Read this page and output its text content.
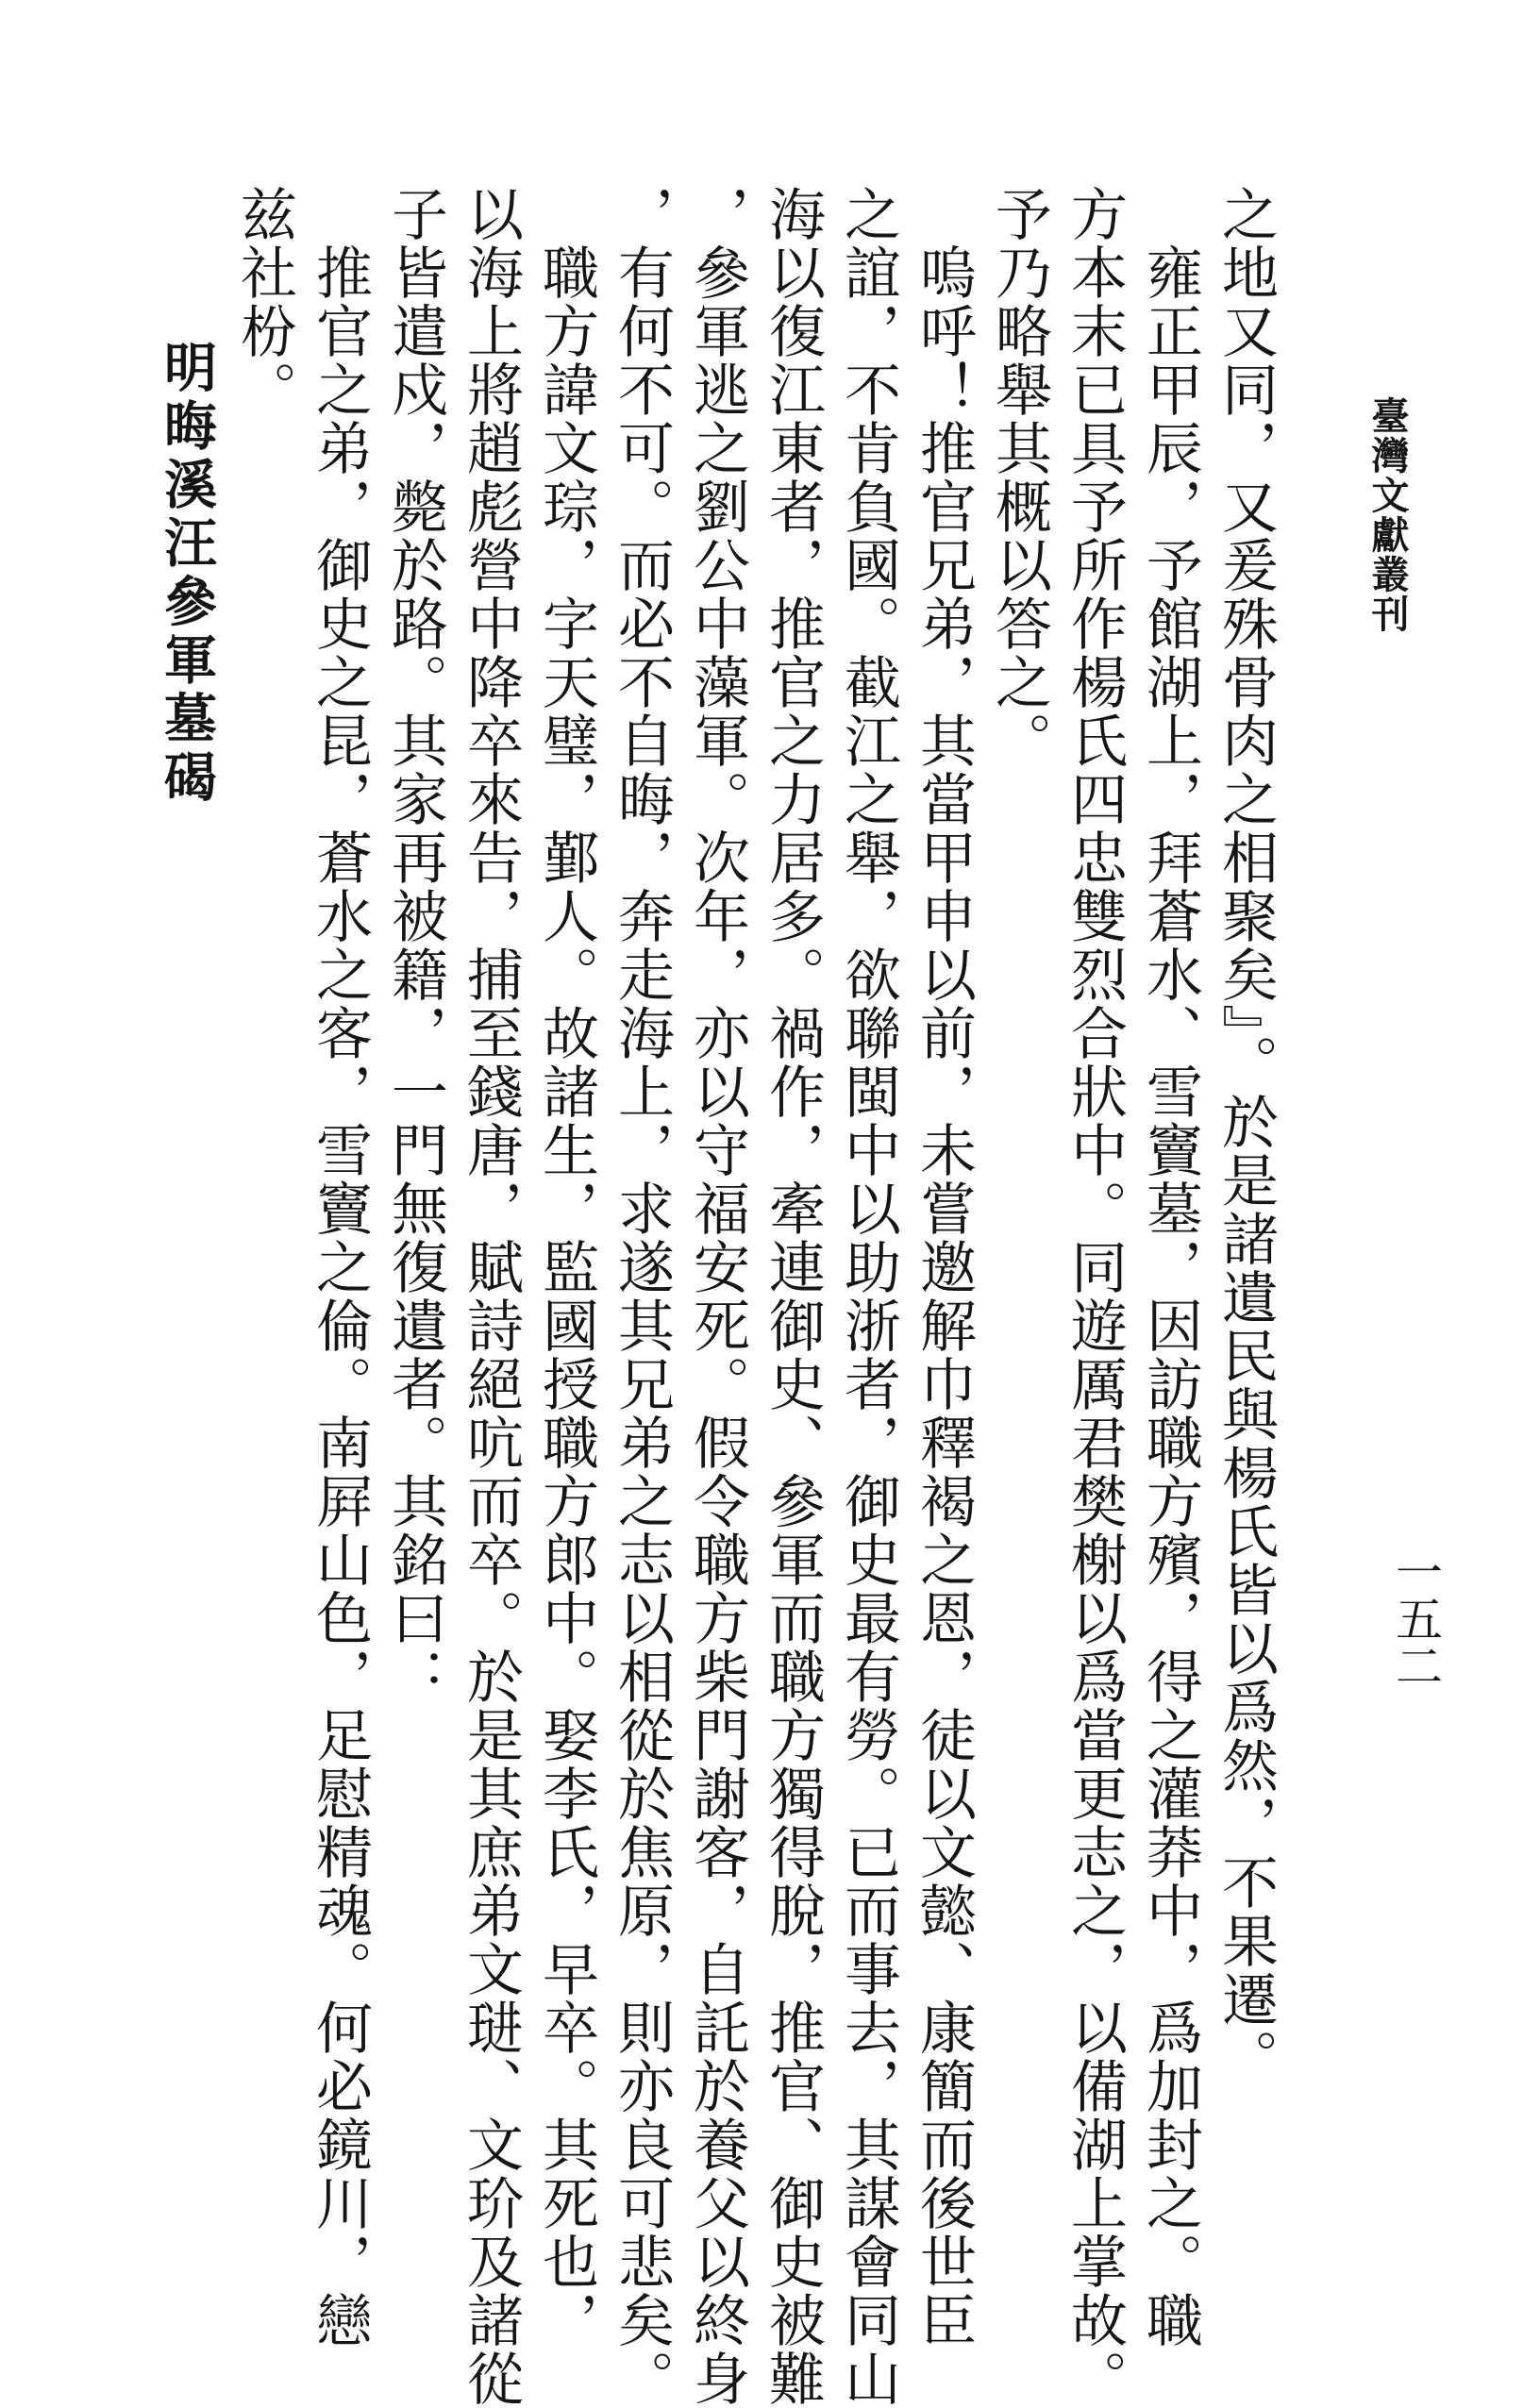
臺灣文獻叢刊
一五二
之地又同，又爰殊骨肉之相聚矣』。於是諸遺民與楊氏皆以爲然，不果遷。
　雍正甲辰，予館湖上，拜蒼水、雪竇墓，因訪職方殯，得之灌莽中，爲加封之。職
方本末已具予所作楊氏四忠雙烈合狀中。同遊厲君樊榭以爲當更志之，以備湖上掌故。
予乃略舉其概以答之。
　嗚呼！推官兄弟，其當甲申以前，未嘗邀解巾釋褐之恩，徒以文懿、康簡而後世臣
之誼，不肯負國。截江之舉，欲聯閩中以助浙者，御史最有勞。已而事去，其謀會同山
海以復江東者，推官之力居多。禍作，牽連御史、參軍而職方獨得脫，推官、御史被難
，參軍逃之劉公中藻軍。次年，亦以守福安死。假令職方柴門謝客，自託於養父以終身
，有何不可。而必不自晦，奔走海上，求遂其兄弟之志以相從於焦原，則亦良可悲矣。
　職方諱文琮，字天璧，鄞人。故諸生，監國授職方郎中。娶李氏，早卒。其死也，
以海上將趙彪營中降卒來告，捕至錢唐，賦詩絕吭而卒。於是其庶弟文琎、文玠及諸從
子皆遣戍，斃於路。其家再被籍，一門無復遺者。其銘曰：
　推官之弟，御史之昆，蒼水之客，雪竇之倫。南屛山色，足慰精魂。何必鏡川，戀
兹社枌。
明晦溪汪參軍墓碣
